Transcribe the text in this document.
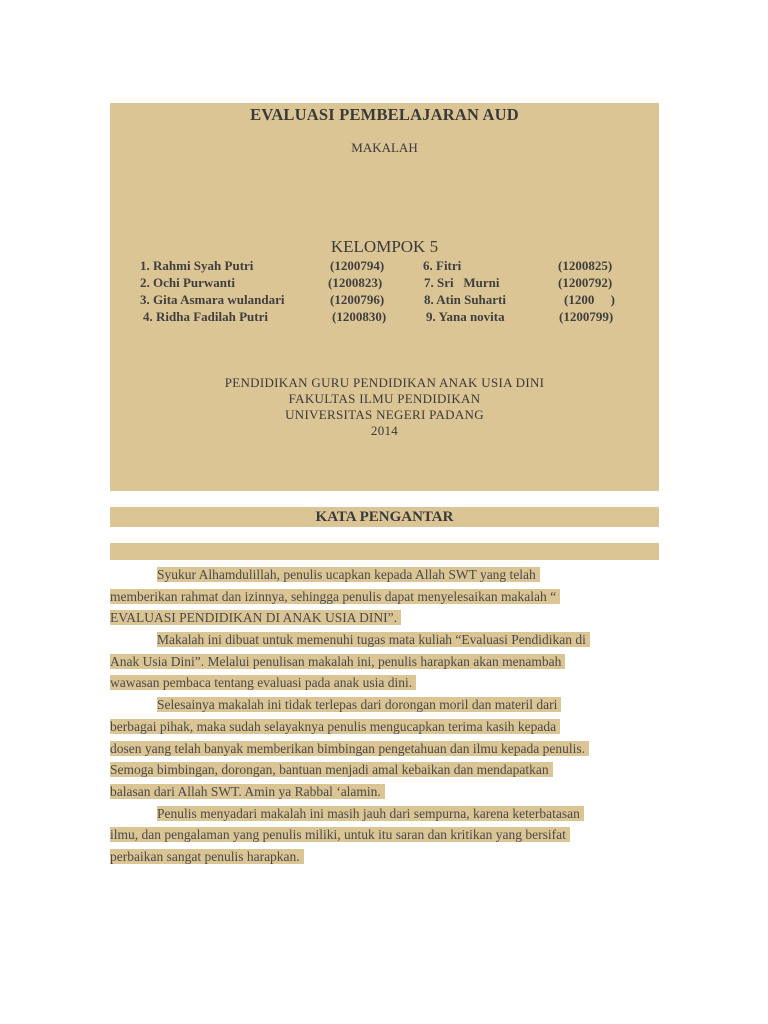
EVALUASI PEMBELAJARAN AUD
MAKALAH
KELOMPOK 5
1. Rahmi Syah Putri	(1200794)	6. Fitri	(1200825)
2. Ochi Purwanti	(1200823)	7. Sri   Murni	(1200792)
3. Gita Asmara wulandari	(1200796)	8. Atin Suharti	(1200     )
4. Ridha Fadilah Putri	(1200830)	9. Yana novita	(1200799)
PENDIDIKAN GURU PENDIDIKAN ANAK USIA DINI
FAKULTAS ILMU PENDIDIKAN
UNIVERSITAS NEGERI PADANG
2014
KATA PENGANTAR
Syukur Alhamdulillah, penulis ucapkan kepada Allah SWT yang telah
memberikan rahmat dan izinnya, sehingga penulis dapat menyelesaikan makalah “
EVALUASI PENDIDIKAN DI ANAK USIA DINI”.
Makalah ini dibuat untuk memenuhi tugas mata kuliah “Evaluasi Pendidikan di
Anak Usia Dini”. Melalui penulisan makalah ini, penulis harapkan akan menambah
wawasan pembaca tentang evaluasi pada anak usia dini.
Selesainya makalah ini tidak terlepas dari dorongan moril dan materil dari
berbagai pihak, maka sudah selayaknya penulis mengucapkan terima kasih kepada
dosen yang telah banyak memberikan bimbingan pengetahuan dan ilmu kepada penulis.
Semoga bimbingan, dorongan, bantuan menjadi amal kebaikan dan mendapatkan
balasan dari Allah SWT. Amin ya Rabbal ‘alamin.
Penulis menyadari makalah ini masih jauh dari sempurna, karena keterbatasan
ilmu, dan pengalaman yang penulis miliki, untuk itu saran dan kritikan yang bersifat
perbaikan sangat penulis harapkan.
